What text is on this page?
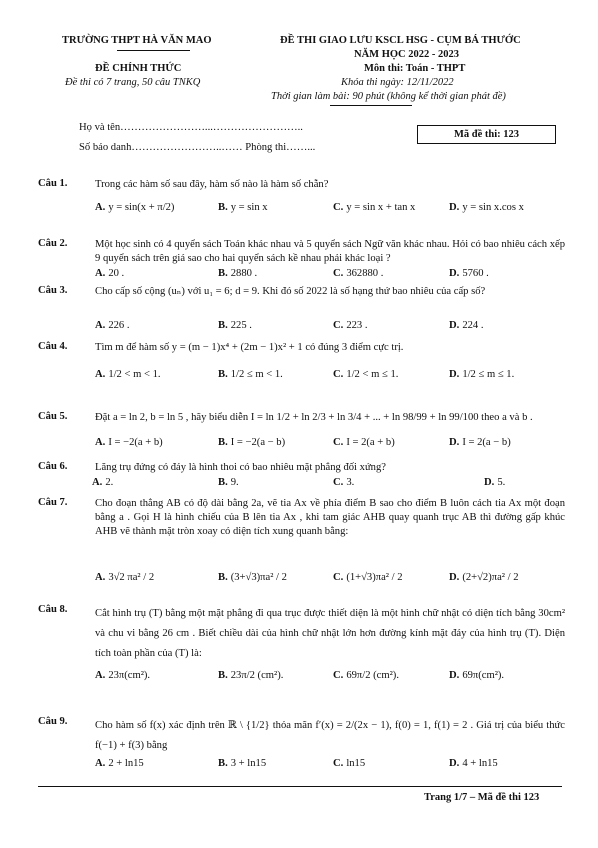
TRƯỜNG THPT HÀ VĂN MAO
ĐỀ CHÍNH THỨC
Đề thi có 7 trang, 50 câu TNKQ
ĐỀ THI GIAO LƯU KSCL HSG - CỤM BÁ THƯỚC
NĂM HỌC 2022 - 2023
Môn thi: Toán - THPT
Khóa thi ngày: 12/11/2022
Thời gian làm bài: 90 phút (không kể thời gian phát đề)
Họ và tên……………………...……………………..
Số báo danh……………………..…… Phòng thi……...
Mã đề thi: 123
Câu 1.	Trong các hàm số sau đây, hàm số nào là hàm số chẵn?
A. y = sin(x + π/2)	B. y = sin x	C. y = sin x + tan x	D. y = sin x.cos x
Câu 2.	Một học sinh có 4 quyển sách Toán khác nhau và 5 quyển sách Ngữ văn khác nhau. Hỏi có bao nhiêu cách xếp 9 quyển sách trên giá sao cho hai quyển sách kề nhau phải khác loại ?
A. 20 .	B. 2880 .	C. 362880 .	D. 5760 .
Câu 3.	Cho cấp số cộng (uₙ) với u₁ = 6; d = 9. Khi đó số 2022 là số hạng thứ bao nhiêu của cấp số?
A. 226 .	B. 225 .	C. 223 .	D. 224 .
Câu 4.	Tìm m để hàm số y = (m − 1)x⁴ + (2m − 1)x² + 1 có đúng 3 điểm cực trị.
A. 1/2 < m < 1.	B. 1/2 ≤ m < 1.	C. 1/2 < m ≤ 1.	D. 1/2 ≤ m ≤ 1.
Câu 5.	Đặt a = ln 2, b = ln 5 , hãy biểu diễn I = ln 1/2 + ln 2/3 + ln 3/4 + ... + ln 98/99 + ln 99/100 theo a và b .
A. I = −2(a + b)	B. I = −2(a − b)	C. I = 2(a + b)	D. I = 2(a − b)
Câu 6.	Lăng trụ đứng có đáy là hình thoi có bao nhiêu mặt phẳng đối xứng?
A. 2.	B. 9.	C. 3.	D. 5.
Câu 7.	Cho đoạn thẳng AB có độ dài bằng 2a, vẽ tia Ax về phía điểm B sao cho điểm B luôn cách tia Ax một đoạn bằng a . Gọi H là hình chiếu của B lên tia Ax , khi tam giác AHB quay quanh trục AB thì đường gấp khúc AHB vẽ thành mặt tròn xoay có diện tích xung quanh bằng:
A. 3√2 πa² / 2	B. (3+√3)πa² / 2	C. (1+√3)πa² / 2	D. (2+√2)πa² / 2
Câu 8.	Cắt hình trụ (T) bằng một mặt phẳng đi qua trục được thiết diện là một hình chữ nhật có diện tích bằng 30cm² và chu vi bằng 26 cm . Biết chiều dài của hình chữ nhật lớn hơn đường kính mặt đáy của hình trụ (T). Diện tích toàn phần của (T) là:
A. 23π(cm²).	B. 23π/2 (cm²).	C. 69π/2 (cm²).	D. 69π(cm²).
Câu 9.	Cho hàm số f(x) xác định trên ℝ \ {1/2} thỏa mãn f′(x) = 2/(2x − 1), f(0) = 1, f(1) = 2 . Giá trị của biểu thức f(−1) + f(3) bằng
A. 2 + ln15	B. 3 + ln15	C. ln15	D. 4 + ln15
Trang 1/7 – Mã đề thi 123
